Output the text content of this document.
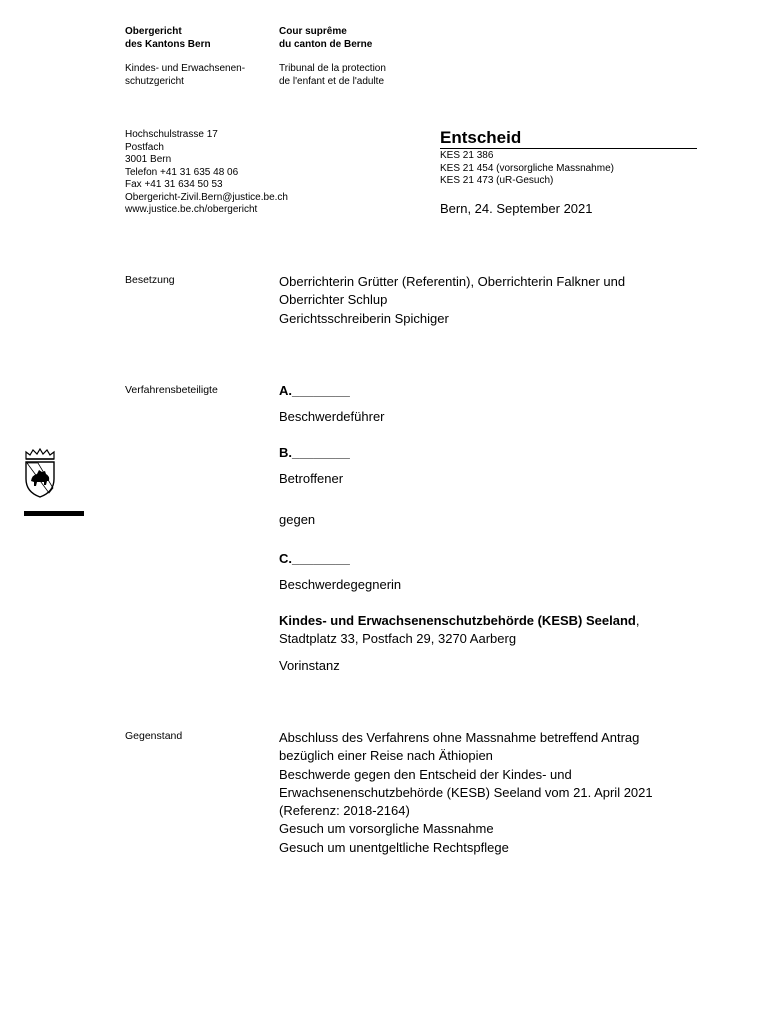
Obergericht
des Kantons Bern
Cour suprême
du canton de Berne
Kindes- und Erwachsenen-
schutzgericht
Tribunal de la protection
de l'enfant et de l'adulte
Hochschulstrasse 17
Postfach
3001 Bern
Telefon +41 31 635 48 06
Fax +41 31 634 50 53
Obergericht-Zivil.Bern@justice.be.ch
www.justice.be.ch/obergericht
Entscheid
KES 21 386
KES 21 454 (vorsorgliche Massnahme)
KES 21 473 (uR-Gesuch)
Bern, 24. September 2021
Besetzung	Oberrichterin Grütter (Referentin), Oberrichterin Falkner und
Oberrichter Schlup
Gerichtsschreiberin Spichiger
Verfahrensbeteiligte	A.________
Beschwerdeführer
B.________
Betroffener
gegen
C.________
Beschwerdegegnerin
Kindes- und Erwachsenenschutzbehörde (KESB) Seeland,
Stadtplatz 33, Postfach 29, 3270 Aarberg
Vorinstanz
Gegenstand	Abschluss des Verfahrens ohne Massnahme betreffend Antrag
bezüglich einer Reise nach Äthiopien
Beschwerde gegen den Entscheid der Kindes- und
Erwachsenenschutzbehörde (KESB) Seeland vom 21. April 2021
(Referenz: 2018-2164)
Gesuch um vorsorgliche Massnahme
Gesuch um unentgeltliche Rechtspflege
